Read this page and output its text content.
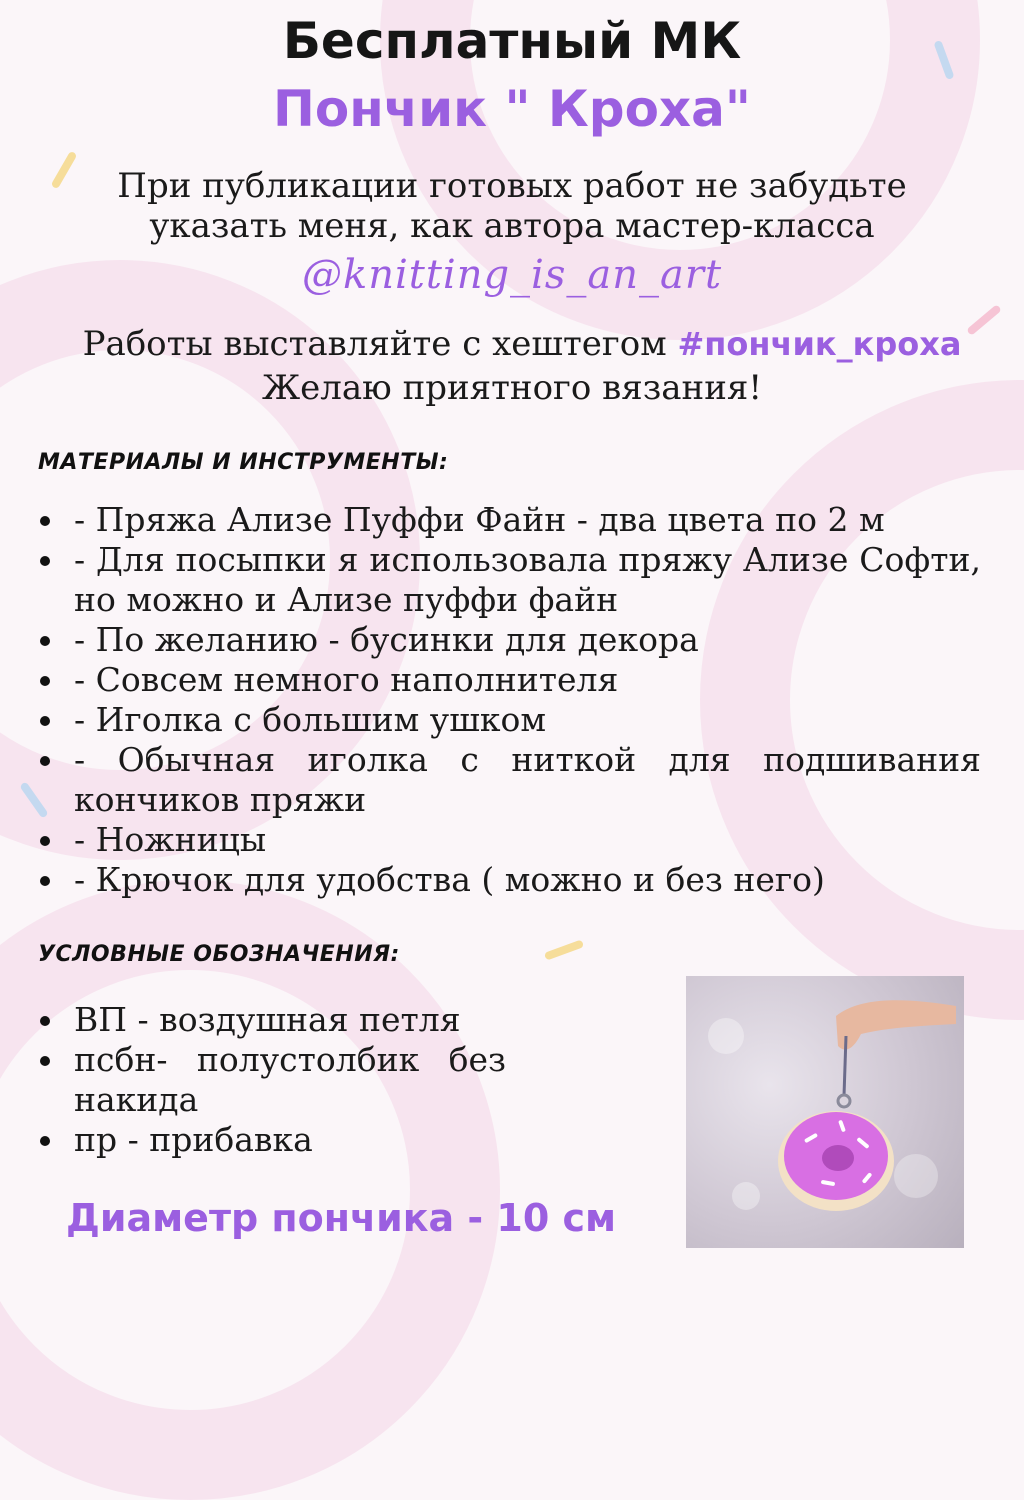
Бесплатный МК
Пончик " Кроха"

При публикации готовых работ не забудьте

указать меня, как автора мастер-класса

@knitting_is_an_art

Работы выставляйте с хештегом #пончик_кроха

Желаю приятного вязания!

МАТЕРИАЛЫ И ИНСТРУМЕНТЫ:
- Пряжа Ализе Пуффи Файн - два цвета по 2 м
- Для посыпки я использовала пряжу Ализе Софти, но можно и Ализе пуффи файн
- По желанию - бусинки для декора
- Совсем немного наполнителя
- Иголка с большим ушком
- Обычная иголка с ниткой для подшивания кончиков пряжи
- Ножницы
- Крючок для удобства ( можно и без него)
УСЛОВНЫЕ ОБОЗНАЧЕНИЯ:
ВП - воздушная петля
псбн- полустолбик без накида
пр - прибавка

Диаметр пончика - 10 см
